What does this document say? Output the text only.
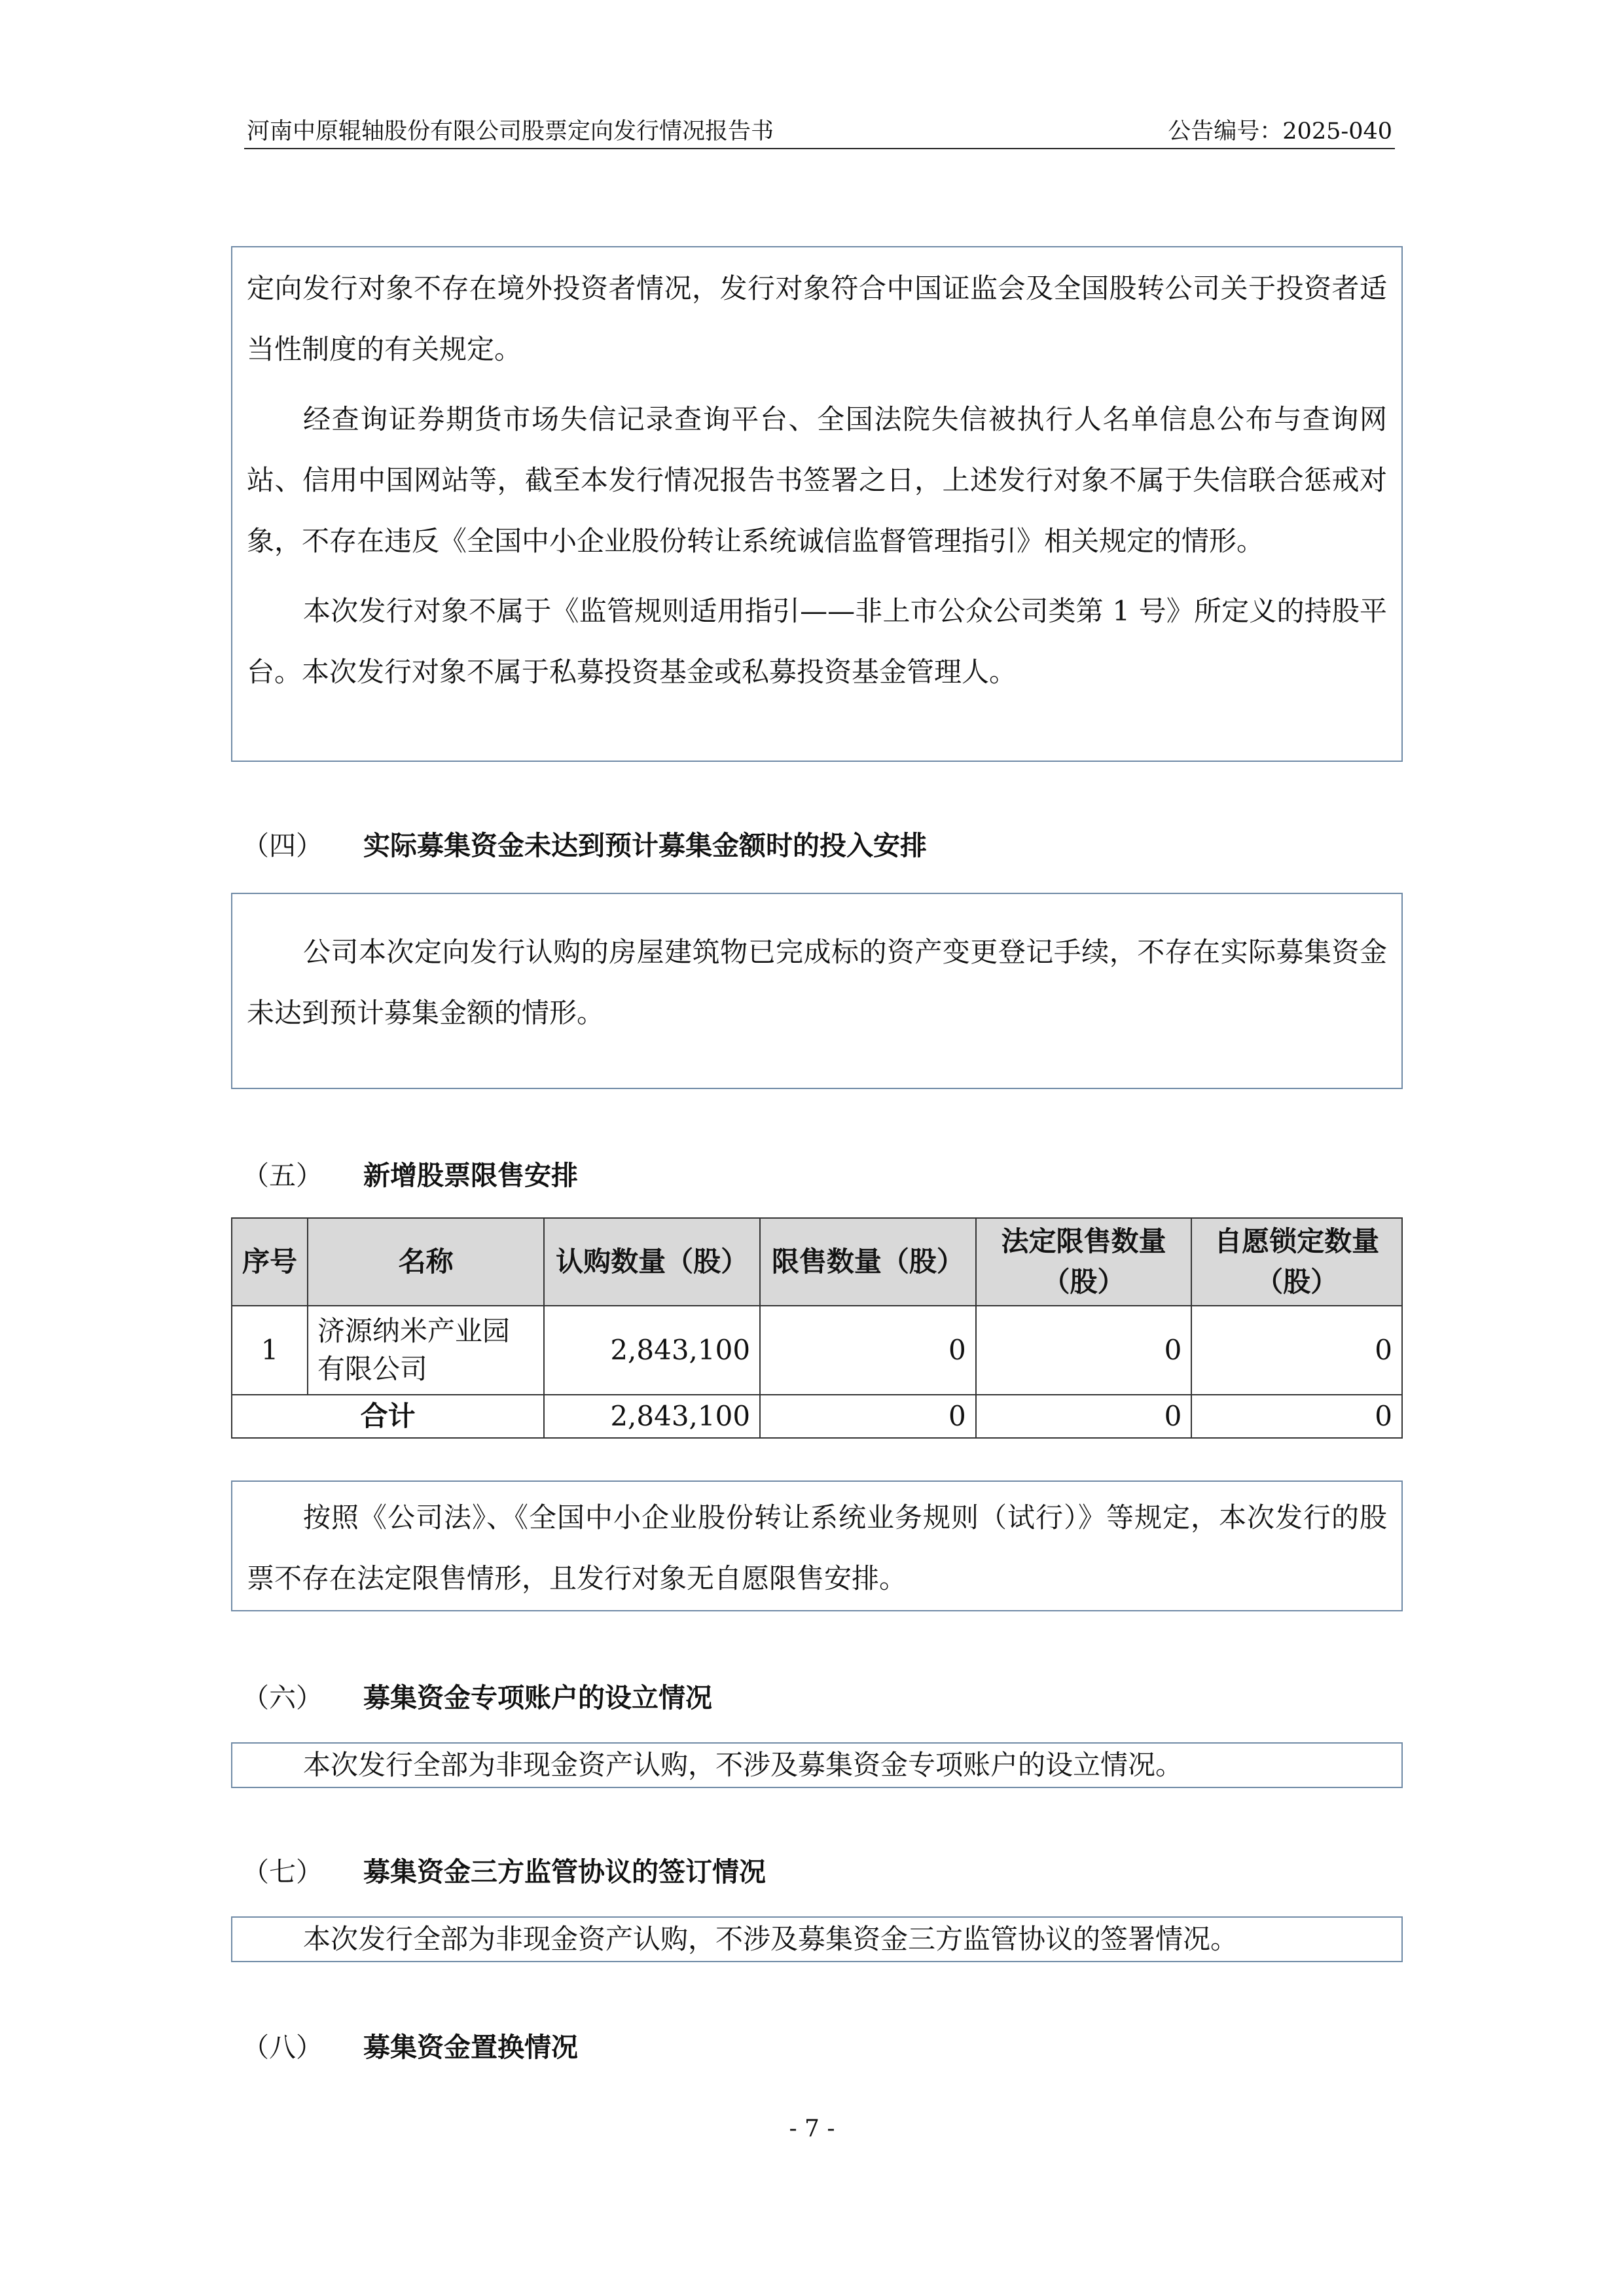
河南中原辊轴股份有限公司股票定向发行情况报告书	公告编号：2025-040

定向发行对象不存在境外投资者情况，发行对象符合中国证监会及全国股转公司关于投资者适当性制度的有关规定。

经查询证券期货市场失信记录查询平台、全国法院失信被执行人名单信息公布与查询网站、信用中国网站等，截至本发行情况报告书签署之日，上述发行对象不属于失信联合惩戒对象，不存在违反《全国中小企业股份转让系统诚信监督管理指引》相关规定的情形。

本次发行对象不属于《监管规则适用指引——非上市公众公司类第 1 号》所定义的持股平台。本次发行对象不属于私募投资基金或私募投资基金管理人。

（四） 实际募集资金未达到预计募集金额时的投入安排

公司本次定向发行认购的房屋建筑物已完成标的资产变更登记手续，不存在实际募集资金未达到预计募集金额的情形。

（五） 新增股票限售安排
序号	名称	认购数量（股）	限售数量（股）	法定限售数量（股）	自愿锁定数量（股）
1	济源纳米产业园有限公司	2,843,100	0	0	0
合计		2,843,100	0	0	0

按照《公司法》、《全国中小企业股份转让系统业务规则（试行）》等规定，本次发行的股票不存在法定限售情形，且发行对象无自愿限售安排。

（六） 募集资金专项账户的设立情况

本次发行全部为非现金资产认购，不涉及募集资金专项账户的设立情况。

（七） 募集资金三方监管协议的签订情况

本次发行全部为非现金资产认购，不涉及募集资金三方监管协议的签署情况。

（八） 募集资金置换情况
- 7 -
